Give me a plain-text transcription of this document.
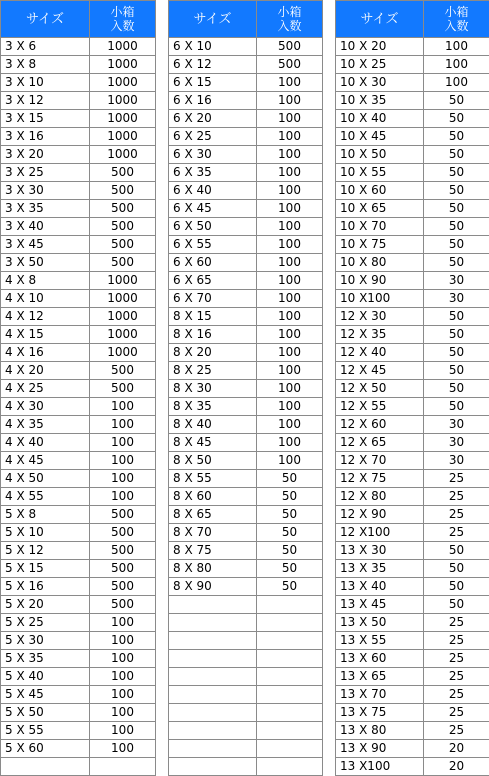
サイズ	小箱
入数
3 X 6	1000
3 X 8	1000
3 X 10	1000
3 X 12	1000
3 X 15	1000
3 X 16	1000
3 X 20	1000
3 X 25	500
3 X 30	500
3 X 35	500
3 X 40	500
3 X 45	500
3 X 50	500
4 X 8	1000
4 X 10	1000
4 X 12	1000
4 X 15	1000
4 X 16	1000
4 X 20	500
4 X 25	500
4 X 30	100
4 X 35	100
4 X 40	100
4 X 45	100
4 X 50	100
4 X 55	100
5 X 8	500
5 X 10	500
5 X 12	500
5 X 15	500
5 X 16	500
5 X 20	500
5 X 25	100
5 X 30	100
5 X 35	100
5 X 40	100
5 X 45	100
5 X 50	100
5 X 55	100
5 X 60	100

サイズ	小箱
入数
6 X 10	500
6 X 12	500
6 X 15	100
6 X 16	100
6 X 20	100
6 X 25	100
6 X 30	100
6 X 35	100
6 X 40	100
6 X 45	100
6 X 50	100
6 X 55	100
6 X 60	100
6 X 65	100
6 X 70	100
8 X 15	100
8 X 16	100
8 X 20	100
8 X 25	100
8 X 30	100
8 X 35	100
8 X 40	100
8 X 45	100
8 X 50	100
8 X 55	50
8 X 60	50
8 X 65	50
8 X 70	50
8 X 75	50
8 X 80	50
8 X 90	50

サイズ	小箱
入数
10 X 20	100
10 X 25	100
10 X 30	100
10 X 35	50
10 X 40	50
10 X 45	50
10 X 50	50
10 X 55	50
10 X 60	50
10 X 65	50
10 X 70	50
10 X 75	50
10 X 80	50
10 X 90	30
10 X100	30
12 X 30	50
12 X 35	50
12 X 40	50
12 X 45	50
12 X 50	50
12 X 55	50
12 X 60	30
12 X 65	30
12 X 70	30
12 X 75	25
12 X 80	25
12 X 90	25
12 X100	25
13 X 30	50
13 X 35	50
13 X 40	50
13 X 45	50
13 X 50	25
13 X 55	25
13 X 60	25
13 X 65	25
13 X 70	25
13 X 75	25
13 X 80	25
13 X 90	20
13 X100	20
